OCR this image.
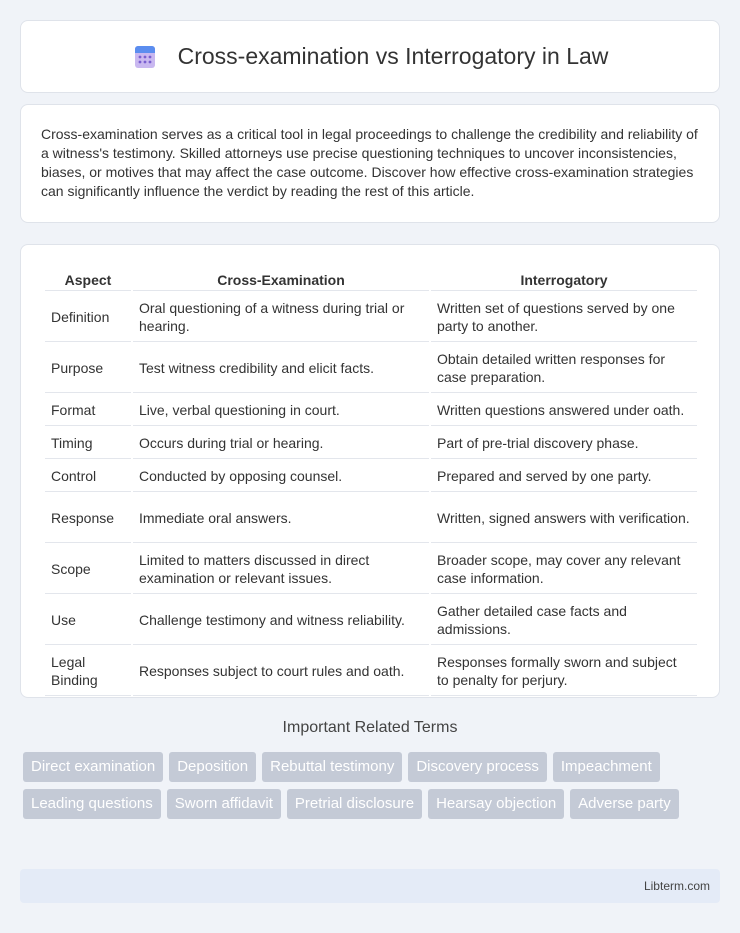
Cross-examination vs Interrogatory in Law

Cross-examination serves as a critical tool in legal proceedings to challenge the credibility and reliability of a witness's testimony. Skilled attorneys use precise questioning techniques to uncover inconsistencies, biases, or motives that may affect the case outcome. Discover how effective cross-examination strategies can significantly influence the verdict by reading the rest of this article.

Aspect	Cross-Examination	Interrogatory
Definition	Oral questioning of a witness during trial or hearing.	Written set of questions served by one party to another.
Purpose	Test witness credibility and elicit facts.	Obtain detailed written responses for case preparation.
Format	Live, verbal questioning in court.	Written questions answered under oath.
Timing	Occurs during trial or hearing.	Part of pre-trial discovery phase.
Control	Conducted by opposing counsel.	Prepared and served by one party.
Response	Immediate oral answers.	Written, signed answers with verification.
Scope	Limited to matters discussed in direct examination or relevant issues.	Broader scope, may cover any relevant case information.
Use	Challenge testimony and witness reliability.	Gather detailed case facts and admissions.
Legal Binding	Responses subject to court rules and oath.	Responses formally sworn and subject to penalty for perjury.
Important Related Terms
Direct examination	Deposition	Rebuttal testimony	Discovery process	Impeachment
Leading questions	Sworn affidavit	Pretrial disclosure	Hearsay objection	Adverse party
Libterm.com
